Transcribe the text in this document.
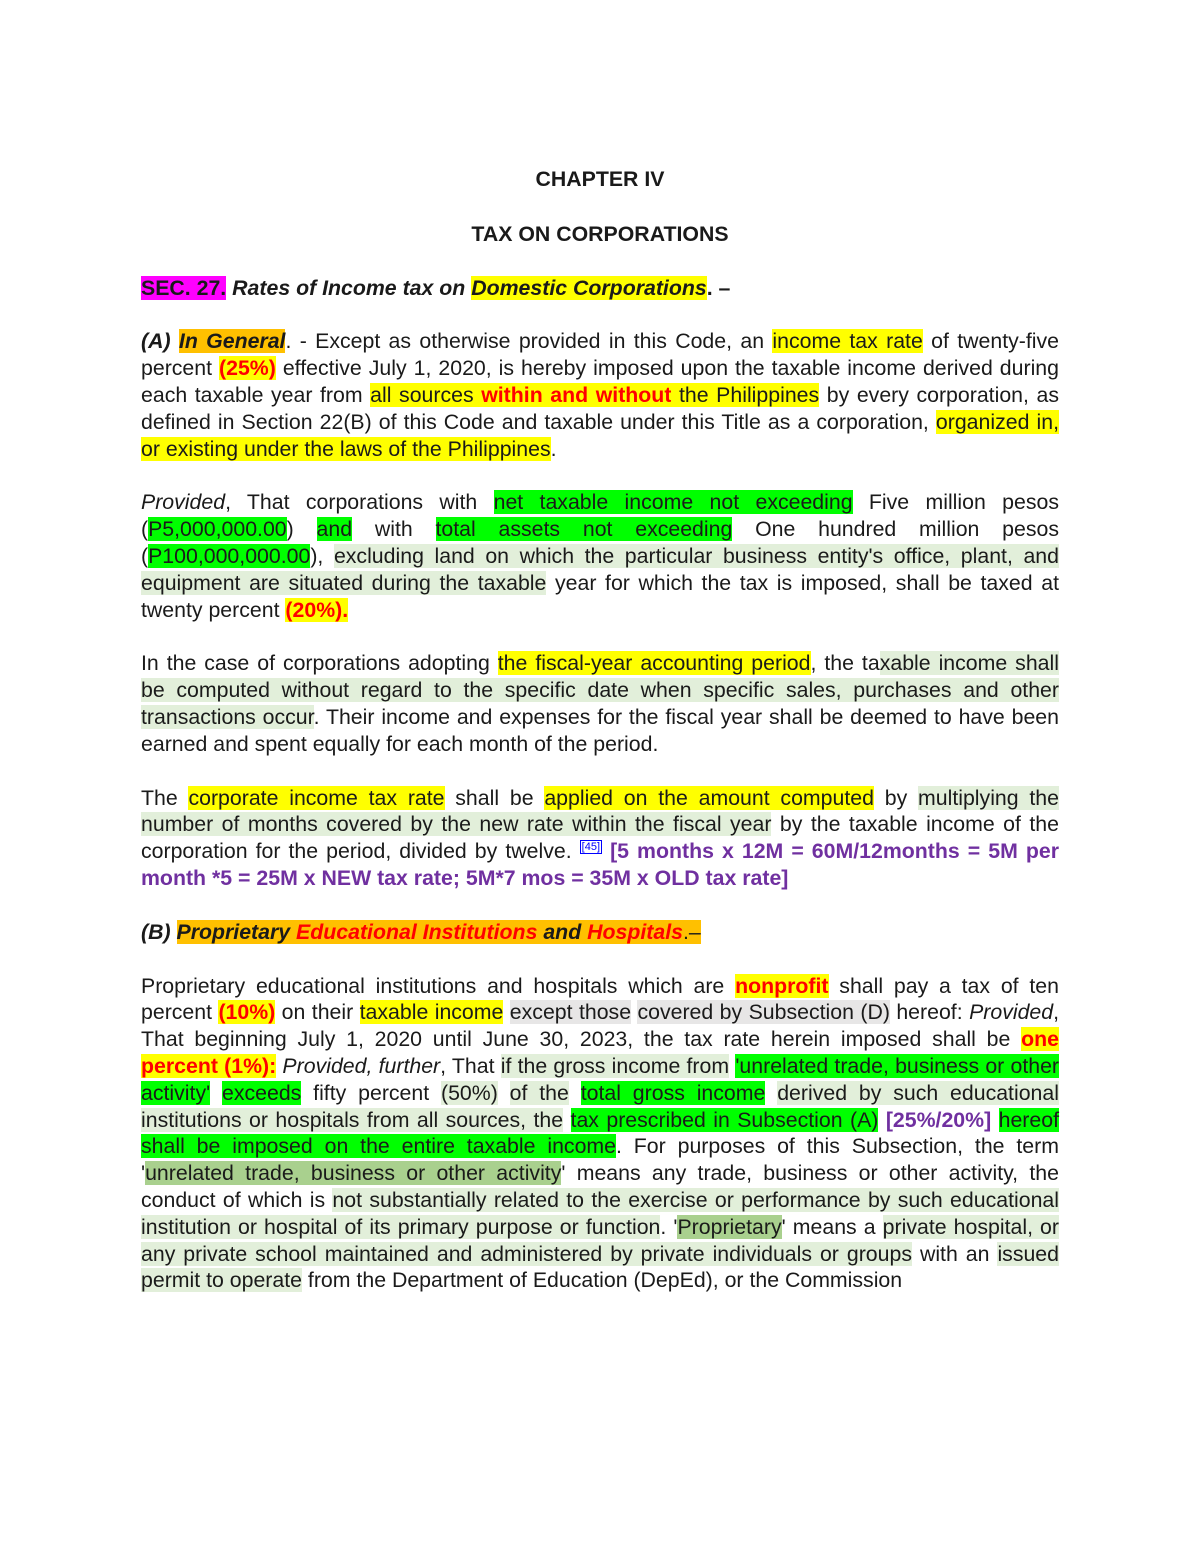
CHAPTER IV
TAX ON CORPORATIONS

SEC. 27. Rates of Income tax on Domestic Corporations. –

(A) In General. - Except as otherwise provided in this Code, an income tax rate of twenty-five percent (25%) effective July 1, 2020, is hereby imposed upon the taxable income derived during each taxable year from all sources within and without the Philippines by every corporation, as defined in Section 22(B) of this Code and taxable under this Title as a corporation, organized in, or existing under the laws of the Philippines.

Provided, That corporations with net taxable income not exceeding Five million pesos (P5,000,000.00) and with total assets not exceeding One hundred million pesos (P100,000,000.00), excluding land on which the particular business entity's office, plant, and equipment are situated during the taxable year for which the tax is imposed, shall be taxed at twenty percent (20%).

In the case of corporations adopting the fiscal-year accounting period, the taxable income shall be computed without regard to the specific date when specific sales, purchases and other transactions occur. Their income and expenses for the fiscal year shall be deemed to have been earned and spent equally for each month of the period.

The corporate income tax rate shall be applied on the amount computed by multiplying the number of months covered by the new rate within the fiscal year by the taxable income of the corporation for the period, divided by twelve. [45] [5 months x 12M = 60M/12months = 5M per month *5 = 25M x NEW tax rate; 5M*7 mos = 35M x OLD tax rate]

(B) Proprietary Educational Institutions and Hospitals.–

Proprietary educational institutions and hospitals which are nonprofit shall pay a tax of ten percent (10%) on their taxable income except those covered by Subsection (D) hereof: Provided, That beginning July 1, 2020 until June 30, 2023, the tax rate herein imposed shall be one percent (1%): Provided, further, That if the gross income from 'unrelated trade, business or other activity' exceeds fifty percent (50%) of the total gross income derived by such educational institutions or hospitals from all sources, the tax prescribed in Subsection (A) [25%/20%] hereof shall be imposed on the entire taxable income. For purposes of this Subsection, the term 'unrelated trade, business or other activity' means any trade, business or other activity, the conduct of which is not substantially related to the exercise or performance by such educational institution or hospital of its primary purpose or function. 'Proprietary' means a private hospital, or any private school maintained and administered by private individuals or groups with an issued permit to operate from the Department of Education (DepEd), or the Commission
